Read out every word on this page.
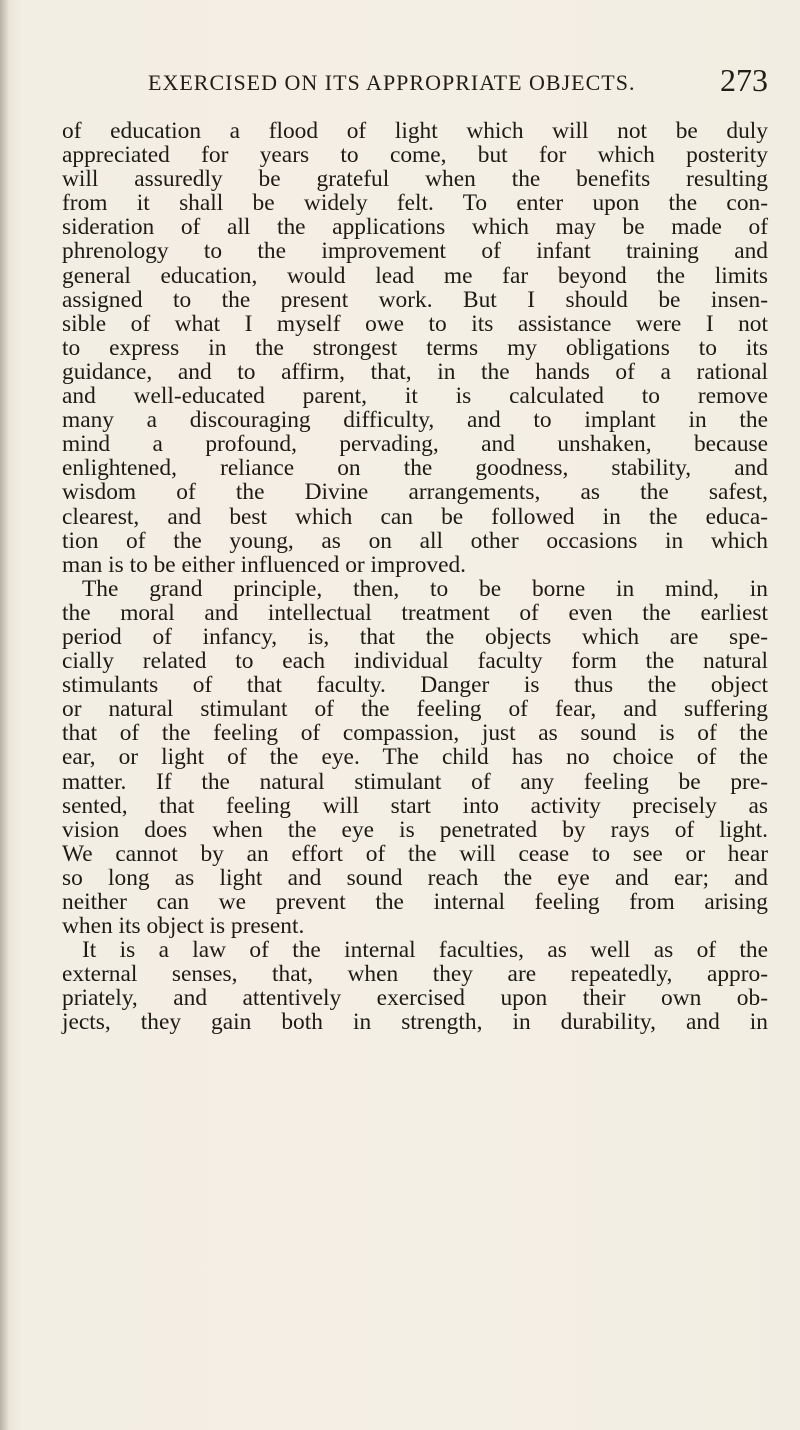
EXERCISED ON ITS APPROPRIATE OBJECTS.	273
of education a flood of light which will not be duly
appreciated for years to come, but for which posterity
will assuredly be grateful when the benefits resulting
from it shall be widely felt. To enter upon the con-
sideration of all the applications which may be made of
phrenology to the improvement of infant training and
general education, would lead me far beyond the limits
assigned to the present work. But I should be insen-
sible of what I myself owe to its assistance were I not
to express in the strongest terms my obligations to its
guidance, and to affirm, that, in the hands of a rational
and well-educated parent, it is calculated to remove
many a discouraging difficulty, and to implant in the
mind a profound, pervading, and unshaken, because
enlightened, reliance on the goodness, stability, and
wisdom of the Divine arrangements, as the safest,
clearest, and best which can be followed in the educa-
tion of the young, as on all other occasions in which
man is to be either influenced or improved.
The grand principle, then, to be borne in mind, in
the moral and intellectual treatment of even the earliest
period of infancy, is, that the objects which are spe-
cially related to each individual faculty form the natural
stimulants of that faculty. Danger is thus the object
or natural stimulant of the feeling of fear, and suffering
that of the feeling of compassion, just as sound is of the
ear, or light of the eye. The child has no choice of the
matter. If the natural stimulant of any feeling be pre-
sented, that feeling will start into activity precisely as
vision does when the eye is penetrated by rays of light.
We cannot by an effort of the will cease to see or hear
so long as light and sound reach the eye and ear; and
neither can we prevent the internal feeling from arising
when its object is present.
It is a law of the internal faculties, as well as of the
external senses, that, when they are repeatedly, appro-
priately, and attentively exercised upon their own ob-
jects, they gain both in strength, in durability, and in
